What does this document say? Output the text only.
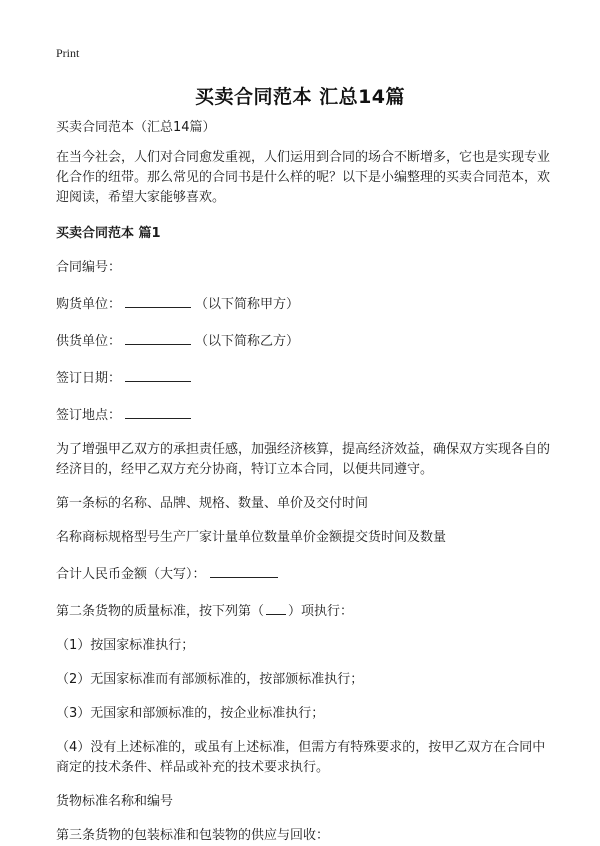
Print
买卖合同范本 汇总14篇

买卖合同范本（汇总14篇）

在当今社会，人们对合同愈发重视，人们运用到合同的场合不断增多，它也是实现专业化合作的纽带。那么常见的合同书是什么样的呢？以下是小编整理的买卖合同范本，欢迎阅读，希望大家能够喜欢。

买卖合同范本 篇1

合同编号：

购货单位：	（以下简称甲方）

供货单位：	（以下简称乙方）

签订日期：

签订地点：

为了增强甲乙双方的承担责任感，加强经济核算，提高经济效益，确保双方实现各自的经济目的，经甲乙双方充分协商，特订立本合同，以便共同遵守。

第一条标的名称、品牌、规格、数量、单价及交付时间

名称商标规格型号生产厂家计量单位数量单价金额提交货时间及数量

合计人民币金额（大写）：

第二条货物的质量标准，按下列第（ ）项执行：

（1）按国家标准执行；

（2）无国家标准而有部颁标准的，按部颁标准执行；

（3）无国家和部颁标准的，按企业标准执行；

（4）没有上述标准的，或虽有上述标准，但需方有特殊要求的，按甲乙双方在合同中商定的技术条件、样品或补充的技术要求执行。

货物标准名称和编号

第三条货物的包装标准和包装物的供应与回收：
